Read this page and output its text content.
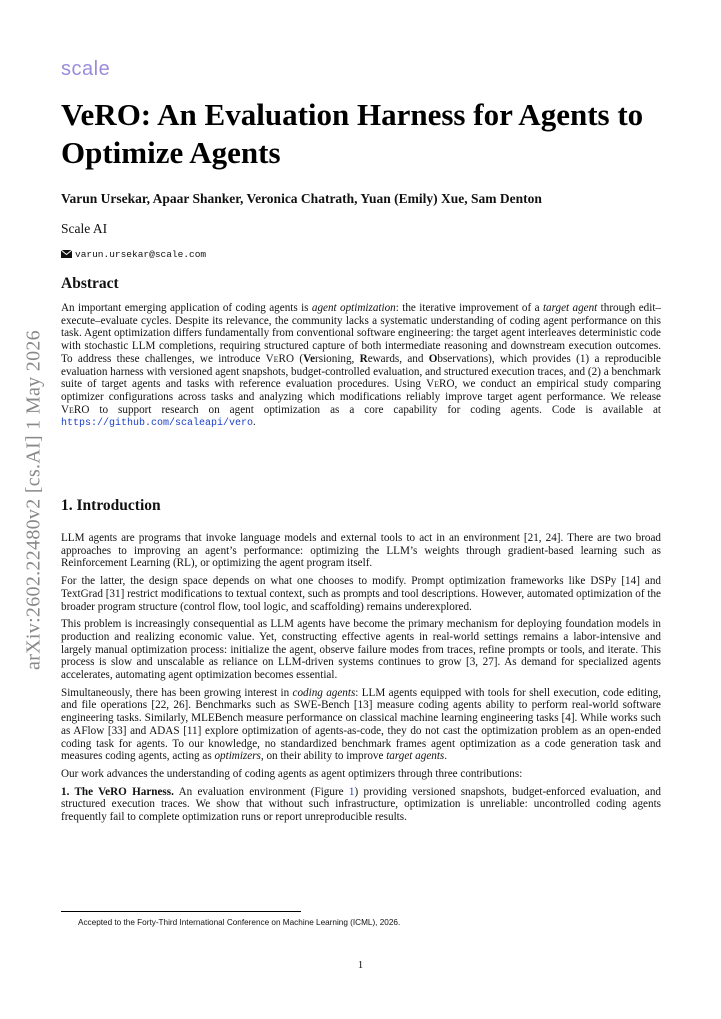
scale
VeRO: An Evaluation Harness for Agents to Optimize Agents
Varun Ursekar, Apaar Shanker, Veronica Chatrath, Yuan (Emily) Xue, Sam Denton
Scale AI
varun.ursekar@scale.com
Abstract

An important emerging application of coding agents is agent optimization: the iterative improvement of a target agent through edit–execute–evaluate cycles. Despite its relevance, the community lacks a systematic understanding of coding agent performance on this task. Agent optimization differs fundamentally from conventional software engineering: the target agent interleaves deterministic code with stochastic LLM completions, requiring structured capture of both intermediate reasoning and downstream execution outcomes. To address these challenges, we introduce VeRO (Versioning, Rewards, and Observations), which provides (1) a reproducible evaluation harness with versioned agent snapshots, budget-controlled evaluation, and structured execution traces, and (2) a benchmark suite of target agents and tasks with reference evaluation procedures. Using VeRO, we conduct an empirical study comparing optimizer configurations across tasks and analyzing which modifications reliably improve target agent performance. We release VeRO to support research on agent optimization as a core capability for coding agents. Code is available at https://github.com/scaleapi/vero.

1. Introduction

LLM agents are programs that invoke language models and external tools to act in an environment [21, 24]. There are two broad approaches to improving an agent’s performance: optimizing the LLM’s weights through gradient-based learning such as Reinforcement Learning (RL), or optimizing the agent program itself.

For the latter, the design space depends on what one chooses to modify. Prompt optimization frameworks like DSPy [14] and TextGrad [31] restrict modifications to textual context, such as prompts and tool descriptions. However, automated optimization of the broader program structure (control flow, tool logic, and scaffolding) remains underexplored.

This problem is increasingly consequential as LLM agents have become the primary mechanism for deploying foundation models in production and realizing economic value. Yet, constructing effective agents in real-world settings remains a labor-intensive and largely manual optimization process: initialize the agent, observe failure modes from traces, refine prompts or tools, and iterate. This process is slow and unscalable as reliance on LLM-driven systems continues to grow [3, 27]. As demand for specialized agents accelerates, automating agent optimization becomes essential.

Simultaneously, there has been growing interest in coding agents: LLM agents equipped with tools for shell execution, code editing, and file operations [22, 26]. Benchmarks such as SWE-Bench [13] measure coding agents ability to perform real-world software engineering tasks. Similarly, MLEBench measure performance on classical machine learning engineering tasks [4]. While works such as AFlow [33] and ADAS [11] explore optimization of agents-as-code, they do not cast the optimization problem as an open-ended coding task for agents. To our knowledge, no standardized benchmark frames agent optimization as a code generation task and measures coding agents, acting as optimizers, on their ability to improve target agents.

Our work advances the understanding of coding agents as agent optimizers through three contributions:

1. The VeRO Harness. An evaluation environment (Figure 1) providing versioned snapshots, budget-enforced evaluation, and structured execution traces. We show that without such infrastructure, optimization is unreliable: uncontrolled coding agents frequently fail to complete optimization runs or report unreproducible results.

Accepted to the Forty-Third International Conference on Machine Learning (ICML), 2026.
1
arXiv:2602.22480v2 [cs.AI] 1 May 2026
